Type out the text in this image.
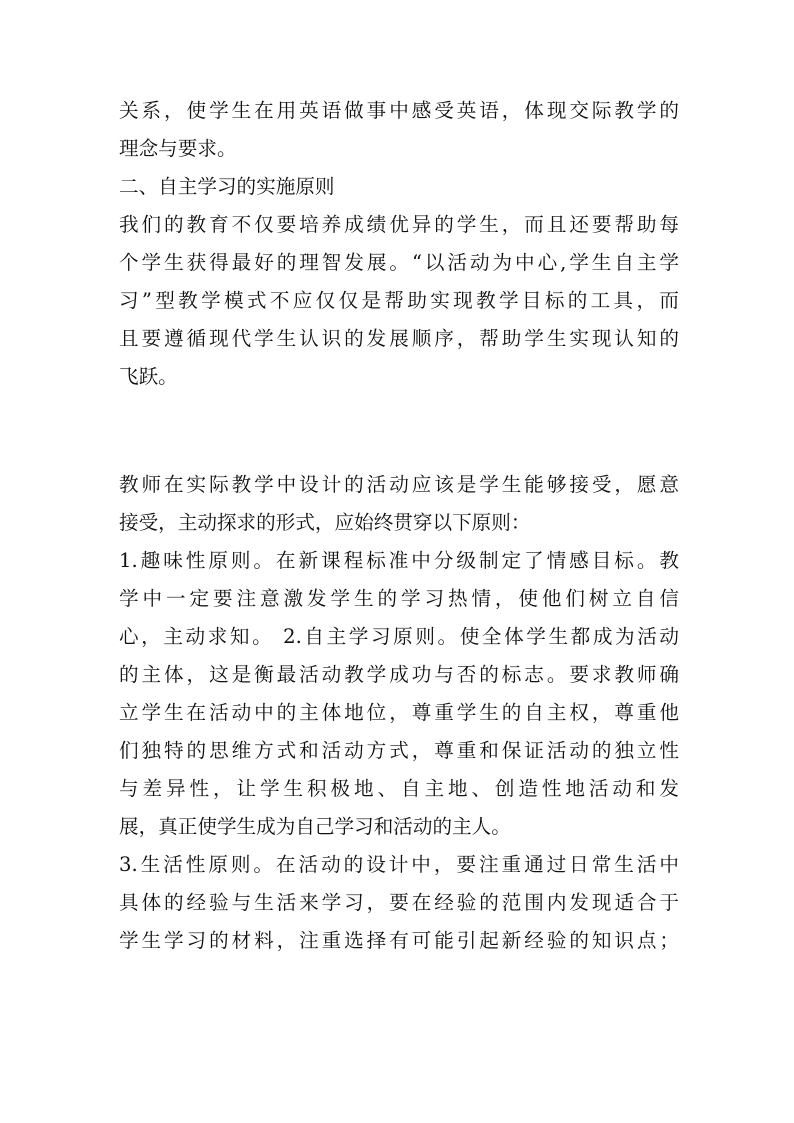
关系，使学生在用英语做事中感受英语，体现交际教学的
理念与要求。
二、自主学习的实施原则
我们的教育不仅要培养成绩优异的学生，而且还要帮助每
个学生获得最好的理智发展。“以活动为中心,学生自主学
习”型教学模式不应仅仅是帮助实现教学目标的工具，而
且要遵循现代学生认识的发展顺序，帮助学生实现认知的
飞跃。
教师在实际教学中设计的活动应该是学生能够接受，愿意
接受，主动探求的形式，应始终贯穿以下原则：
1.趣味性原则。在新课程标准中分级制定了情感目标。教
学中一定要注意激发学生的学习热情，使他们树立自信
心，主动求知。 2.自主学习原则。使全体学生都成为活动
的主体，这是衡最活动教学成功与否的标志。要求教师确
立学生在活动中的主体地位，尊重学生的自主权，尊重他
们独特的思维方式和活动方式，尊重和保证活动的独立性
与差异性，让学生积极地、自主地、创造性地活动和发
展，真正使学生成为自己学习和活动的主人。
3.生活性原则。在活动的设计中，要注重通过日常生活中
具体的经验与生活来学习，要在经验的范围内发现适合于
学生学习的材料，注重选择有可能引起新经验的知识点；
